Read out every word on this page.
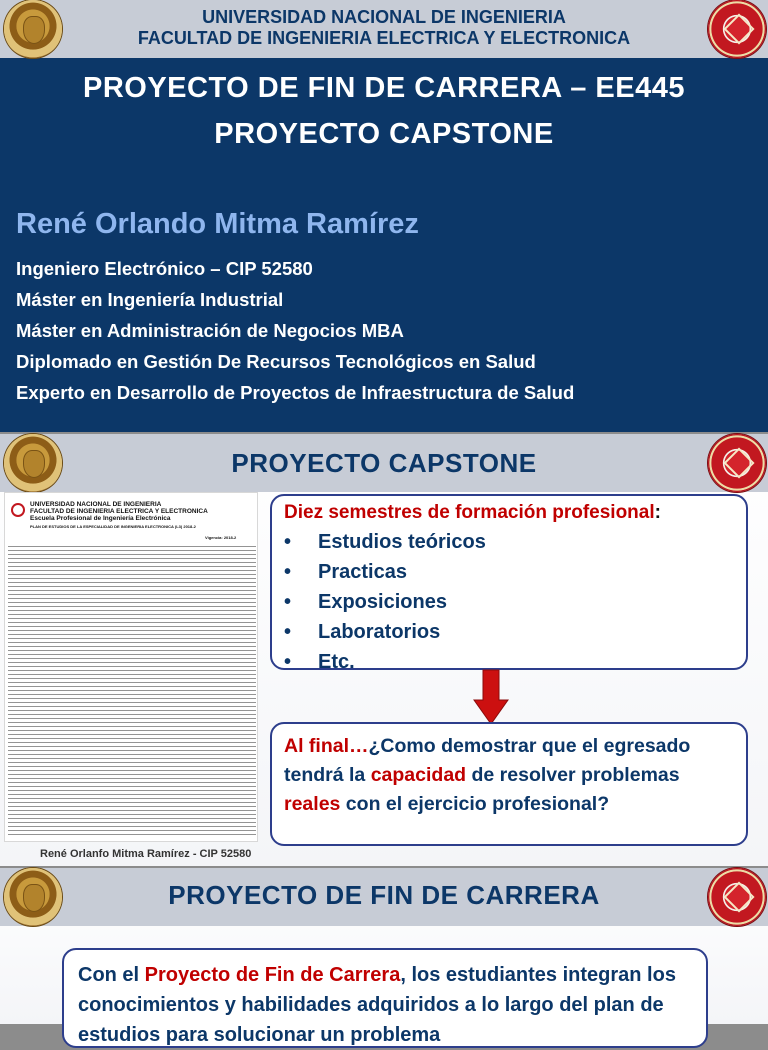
UNIVERSIDAD NACIONAL DE INGENIERIA
FACULTAD DE INGENIERIA ELECTRICA Y ELECTRONICA
PROYECTO DE FIN DE CARRERA – EE445
PROYECTO CAPSTONE
René Orlando Mitma Ramírez
Ingeniero Electrónico – CIP 52580
Máster en Ingeniería Industrial
Máster en Administración de Negocios MBA
Diplomado en Gestión De Recursos Tecnológicos en Salud
Experto en Desarrollo de Proyectos de Infraestructura de Salud
PROYECTO CAPSTONE
UNIVERSIDAD NACIONAL DE INGENIERIA
FACULTAD DE INGENIERIA ELECTRICA Y ELECTRONICA
Escuela Profesional de Ingeniería Electrónica
PLAN DE ESTUDIOS DE LA ESPECIALIDAD DE INGENIERIA ELECTRONICA (L3) 2018-2
Vigencia: 2018-2
René Orlanfo Mitma Ramírez - CIP 52580
Diez semestres de formación profesional:
• Estudios teóricos
• Practicas
• Exposiciones
• Laboratorios
• Etc.

Al final…¿Como demostrar que el egresado tendrá la capacidad de resolver problemas reales con el ejercicio profesional?

PROYECTO DE FIN DE CARRERA

Con el Proyecto de Fin de Carrera, los estudiantes integran los conocimientos y habilidades adquiridos a lo largo del plan de estudios para solucionar un problema
